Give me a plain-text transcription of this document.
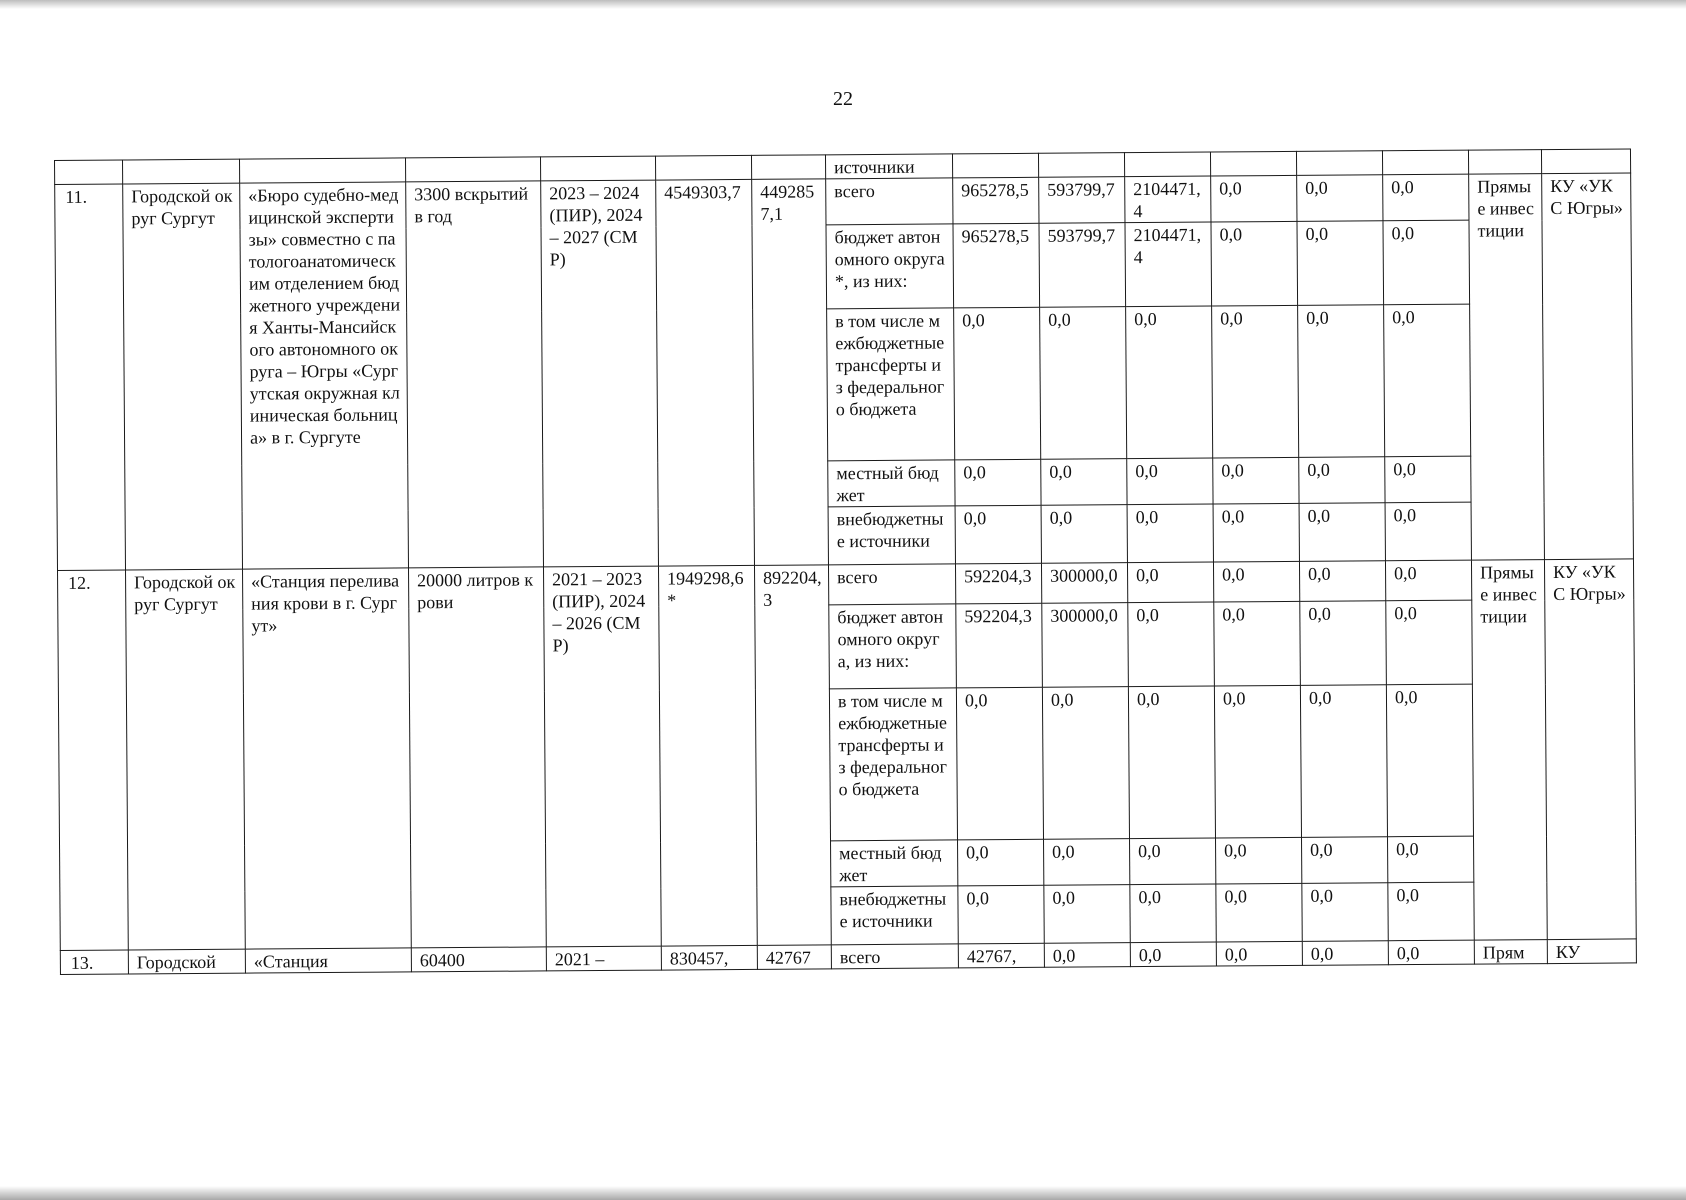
22
							источники								
11.	Городской округ Сургут	«Бюро судебно-медицинской экспертизы» совместно с патологоанатомическим отделением бюджетного учреждения Ханты-Мансийского автономного округа – Югры «Сургутская окружная клиническая больница» в г. Сургуте	3300 вскрытий в год	2023 – 2024 (ПИР), 2024 – 2027 (СМР)	4549303,7	4492857,1	всего	965278,5	593799,7	2104471,4	0,0	0,0	0,0	Прямые инвестиции	КУ «УКС Югры»
							бюджет автономного округа*, из них:	965278,5	593799,7	2104471,4	0,0	0,0	0,0		
							в том числе межбюджетные трансферты из федерального бюджета	0,0	0,0	0,0	0,0	0,0	0,0		
							местный бюджет	0,0	0,0	0,0	0,0	0,0	0,0		
							внебюджетные источники	0,0	0,0	0,0	0,0	0,0	0,0		
12.	Городской округ Сургут	«Станция переливания крови в г. Сургут»	20000 литров крови	2021 – 2023 (ПИР), 2024 – 2026 (СМР)	1949298,6*	892204,3	всего	592204,3	300000,0	0,0	0,0	0,0	0,0	Прямые инвестиции	КУ «УКС Югры»
							бюджет автономного округа, из них:	592204,3	300000,0	0,0	0,0	0,0	0,0		
							в том числе межбюджетные трансферты из федерального бюджета	0,0	0,0	0,0	0,0	0,0	0,0		
							местный бюджет	0,0	0,0	0,0	0,0	0,0	0,0		
							внебюджетные источники	0,0	0,0	0,0	0,0	0,0	0,0		
13.	Городской	«Станция	60400	2021 –	830457,	42767	всего	42767,	0,0	0,0	0,0	0,0	0,0	Прям	КУ
